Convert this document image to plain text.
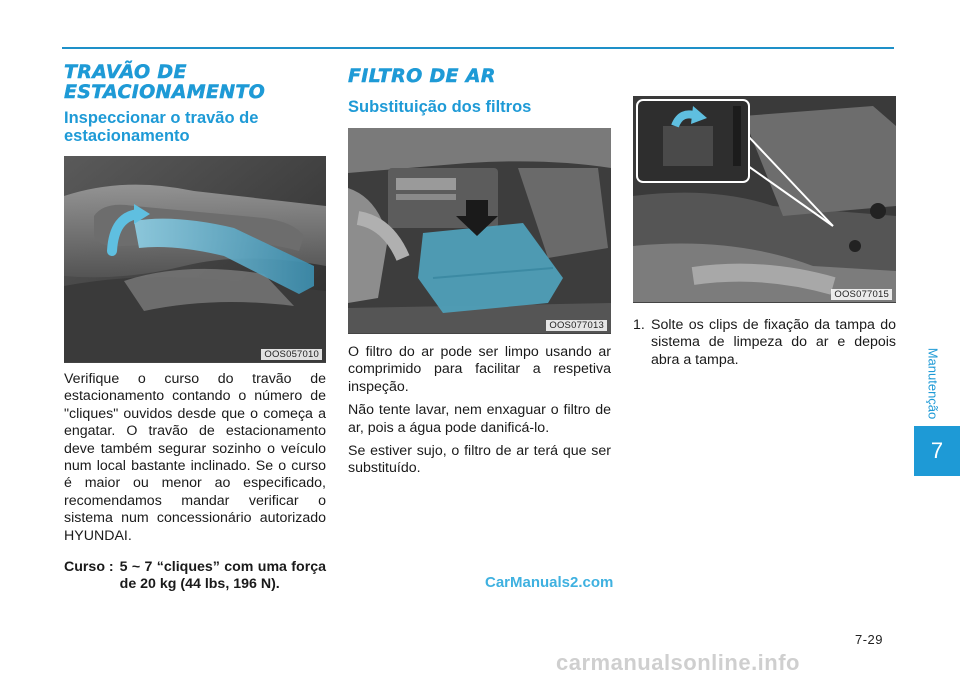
TRAVÃO DE
ESTACIONAMENTO
Inspeccionar o travão de estacionamento
OOS057010

Verifique o curso do travão de estacionamento contando o número de "cliques" ouvidos desde que o começa a engatar. O travão de estacionamento deve também segurar sozinho o veículo num local bastante inclinado. Se o curso é maior ou menor ao especificado, recomendamos mandar verificar o sistema num concessionário autorizado HYUNDAI.

Curso : 5 ~ 7 “cliques” com uma força de 20 kg (44 lbs, 196 N).
FILTRO DE AR
Substituição dos filtros
OOS077013

O filtro do ar pode ser limpo usando ar comprimido para facilitar a respetiva inspeção.

Não tente lavar, nem enxaguar o filtro de ar, pois a água pode danificá-lo.

Se estiver sujo, o filtro de ar terá que ser substituído.

OOS077015
1. Solte os clips de fixação da tampa do sistema de limpeza do ar e depois abra a tampa.	Manutenção
7
7-29
CarManuals2.com
carmanualsonline.info
